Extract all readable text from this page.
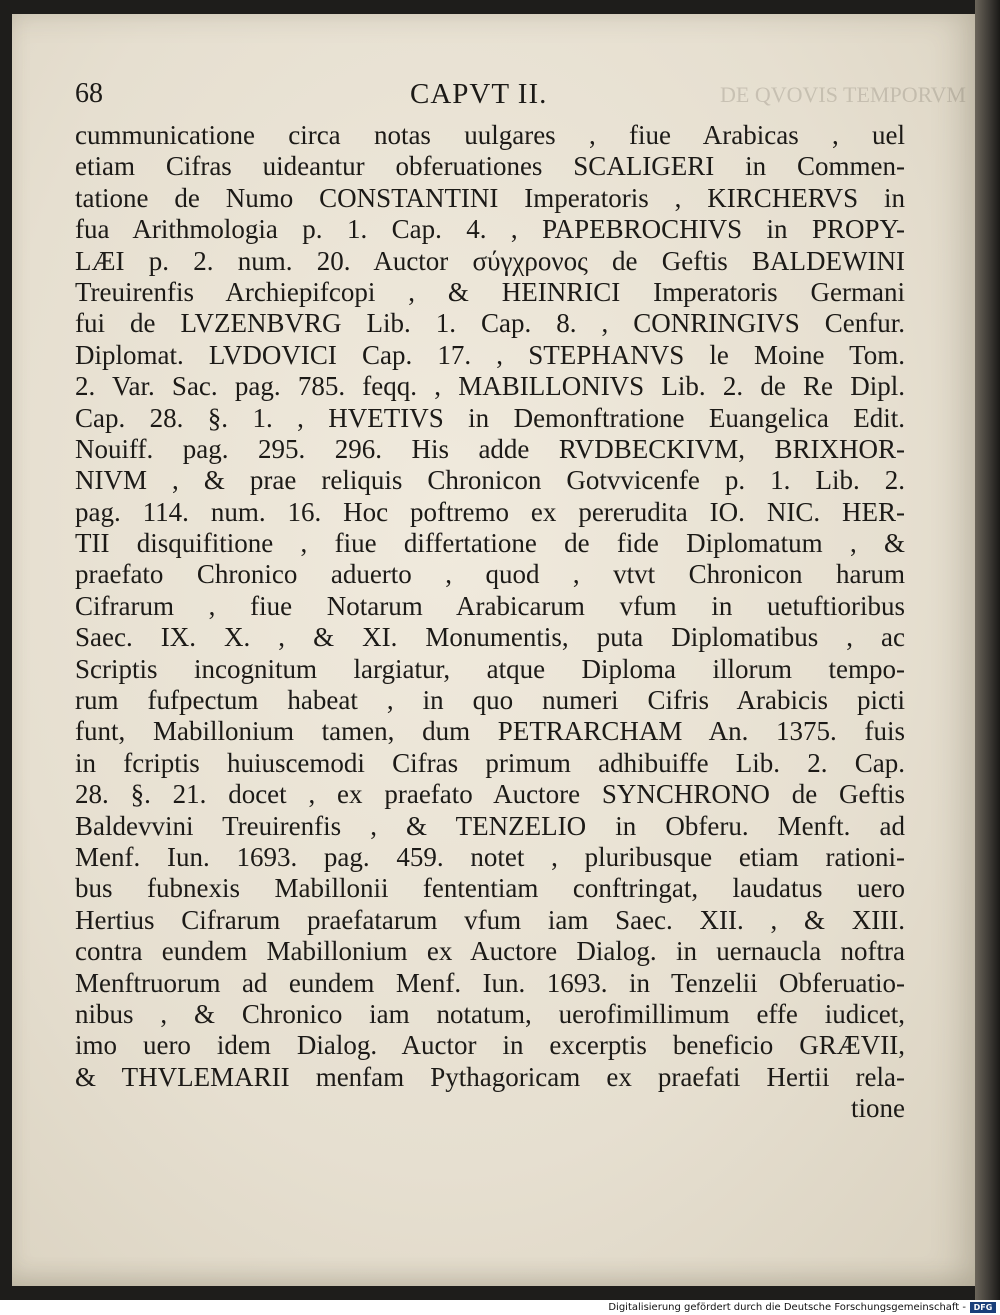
68	CAPVT II.	DE QVOVIS TEMPORVM
cummunicatione circa notas uulgares , fiue Arabicas , uel
etiam Cifras uideantur obferuationes SCALIGERI in Commen-
tatione de Numo CONSTANTINI Imperatoris , KIRCHERVS in
fua Arithmologia p. 1. Cap. 4. , PAPEBROCHIVS in PROPY-
LÆI p. 2. num. 20. Auctor σύγχρονος de Geftis BALDEWINI
Treuirenfis Archiepifcopi , & HEINRICI Imperatoris Germani
fui de LVZENBVRG Lib. 1. Cap. 8. , CONRINGIVS Cenfur.
Diplomat. LVDOVICI Cap. 17. , STEPHANVS le Moine Tom.
2. Var. Sac. pag. 785. feqq. , MABILLONIVS Lib. 2. de Re Dipl.
Cap. 28. §. 1. , HVETIVS in Demonftratione Euangelica Edit.
Nouiff. pag. 295. 296. His adde RVDBECKIVM, BRIXHOR-
NIVM , & prae reliquis Chronicon Gotvvicenfe p. 1. Lib. 2.
pag. 114. num. 16. Hoc poftremo ex pererudita IO. NIC. HER-
TII disquifitione , fiue differtatione de fide Diplomatum , &
praefato Chronico aduerto , quod , vtvt Chronicon harum
Cifrarum , fiue Notarum Arabicarum vfum in uetuftioribus
Saec. IX. X. , & XI. Monumentis, puta Diplomatibus , ac
Scriptis incognitum largiatur, atque Diploma illorum tempo-
rum fufpectum habeat , in quo numeri Cifris Arabicis picti
funt, Mabillonium tamen, dum PETRARCHAM An. 1375. fuis
in fcriptis huiuscemodi Cifras primum adhibuiffe Lib. 2. Cap.
28. §. 21. docet , ex praefato Auctore SYNCHRONO de Geftis
Baldevvini Treuirenfis , & TENZELIO in Obferu. Menft. ad
Menf. Iun. 1693. pag. 459. notet , pluribusque etiam rationi-
bus fubnexis Mabillonii fententiam conftringat, laudatus uero
Hertius Cifrarum praefatarum vfum iam Saec. XII. , & XIII.
contra eundem Mabillonium ex Auctore Dialog. in uernaucla noftra
Menftruorum ad eundem Menf. Iun. 1693. in Tenzelii Obferuatio-
nibus , & Chronico iam notatum, uerofimillimum effe iudicet,
imo uero idem Dialog. Auctor in excerptis beneficio GRÆVII,
& THVLEMARII menfam Pythagoricam ex praefati Hertii rela-
tione
Digitalisierung gefördert durch die Deutsche Forschungsgemeinschaft - DFG
